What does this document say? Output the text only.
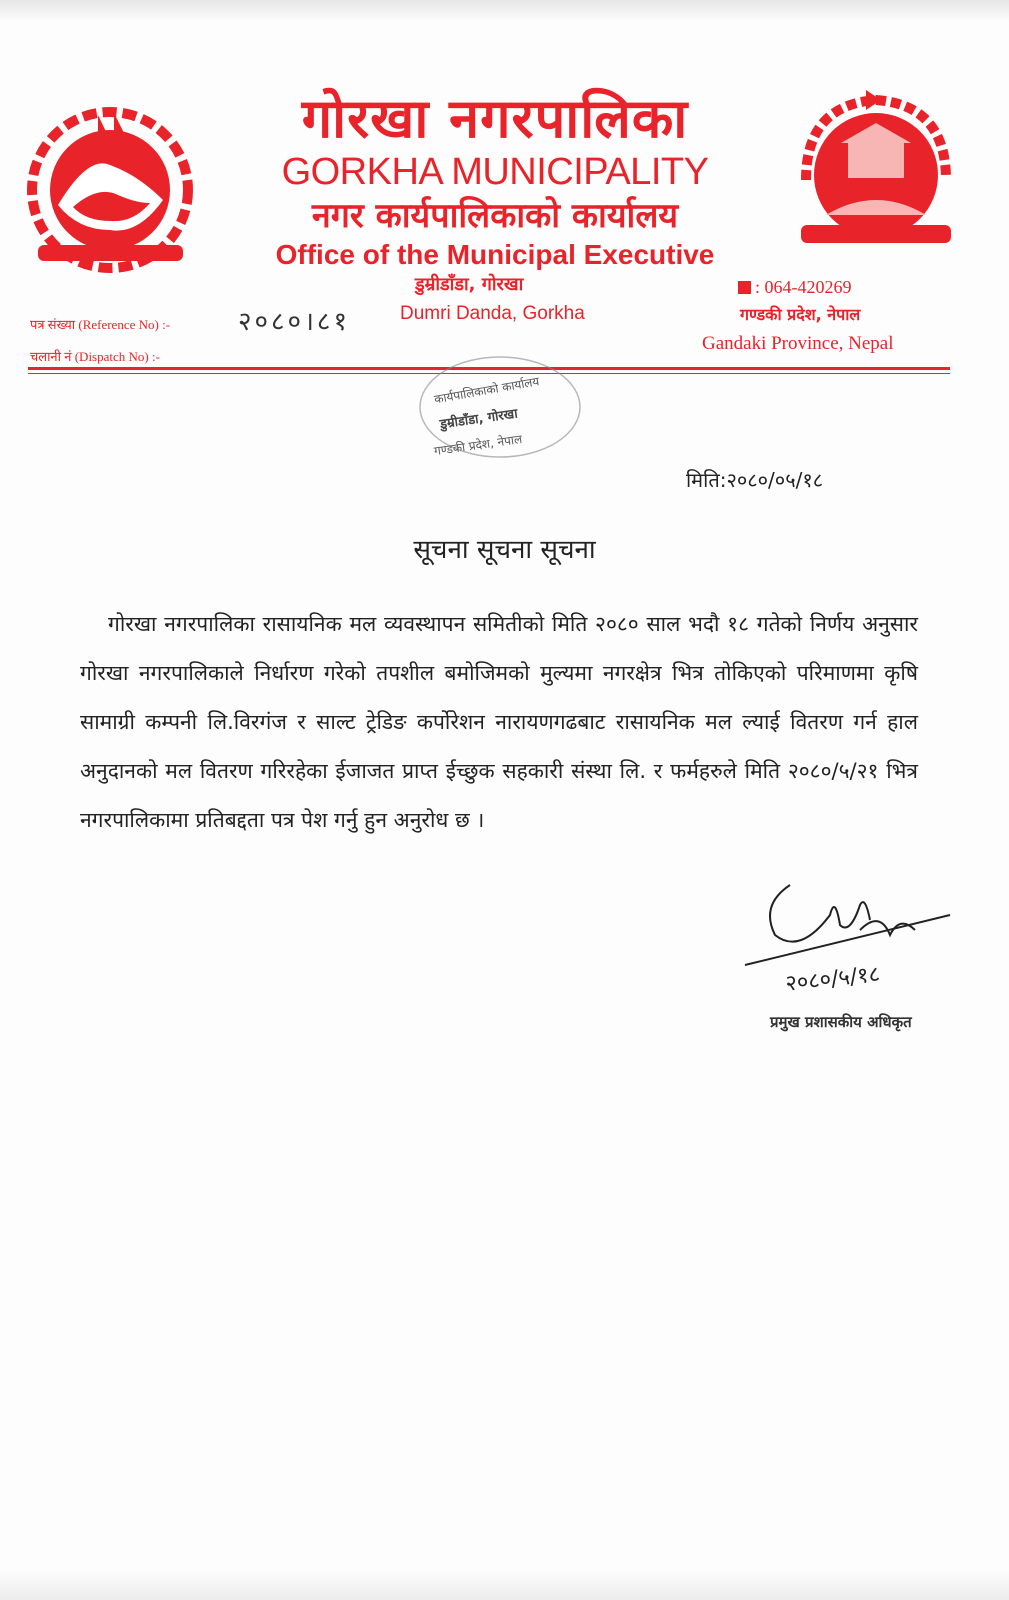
गोरखा नगरपालिका
GORKHA MUNICIPALITY
नगर कार्यपालिकाको कार्यालय
Office of the Municipal Executive
डुम्रीडाँडा, गोरखा
Dumri Danda, Gorkha
पत्र संख्या (Reference No) :-	२०८०।८१
चलानी नं (Dispatch No) :-
: 064-420269
गण्डकी प्रदेश, नेपाल
Gandaki Province, Nepal
कार्यपालिकाको कार्यालय
डुम्रीडाँडा, गोरखा
गण्डकी प्रदेश, नेपाल
मिति:२०८०/०५/१८
सूचना सूचना सूचना
गोरखा नगरपालिका रासायनिक मल व्यवस्थापन समितीको मिति २०८० साल भदौ १८ गतेको निर्णय अनुसार गोरखा नगरपालिकाले निर्धारण गरेको तपशील बमोजिमको मुल्यमा नगरक्षेत्र भित्र तोकिएको परिमाणमा कृषि सामाग्री कम्पनी लि.विरगंज र साल्ट ट्रेडिङ कर्पोरेशन नारायणगढबाट रासायनिक मल ल्याई वितरण गर्न हाल अनुदानको मल वितरण गरिरहेका ईजाजत प्राप्त ईच्छुक सहकारी संस्था लि. र फर्महरुले मिति २०८०/५/२१ भित्र नगरपालिकामा प्रतिबद्दता पत्र पेश गर्नु हुन अनुरोध छ ।
२०८०/५/१८
प्रमुख प्रशासकीय अधिकृत
